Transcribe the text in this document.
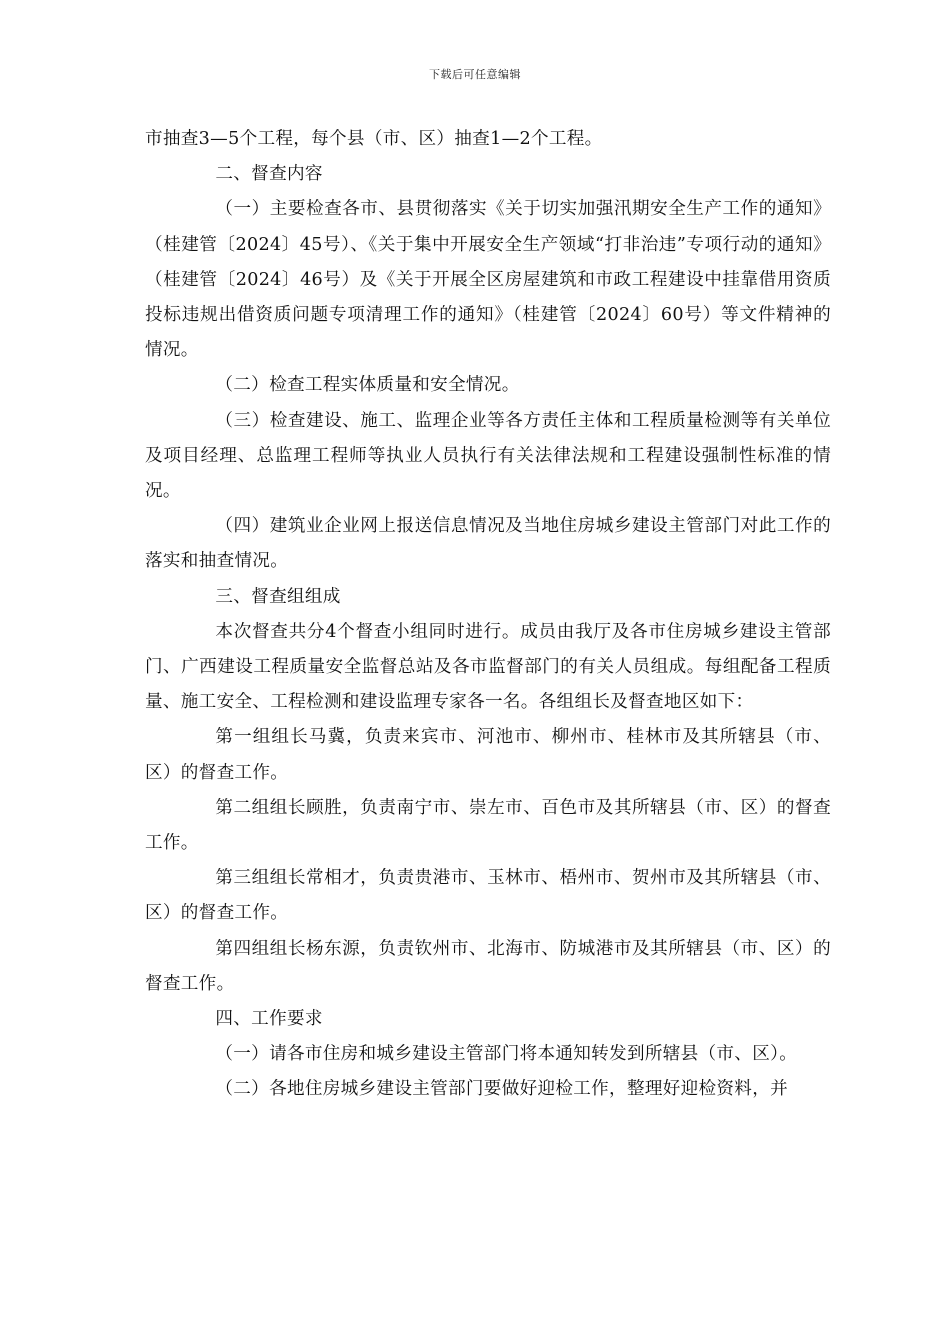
下载后可任意编辑

市抽查3—5个工程，每个县（市、区）抽查1—2个工程。

二、督查内容

（一）主要检查各市、县贯彻落实《关于切实加强汛期安全生产工作的通知》（桂建管〔2024〕45号）、《关于集中开展安全生产领域“打非治违”专项行动的通知》（桂建管〔2024〕46号）及《关于开展全区房屋建筑和市政工程建设中挂靠借用资质投标违规出借资质问题专项清理工作的通知》（桂建管〔2024〕60号）等文件精神的情况。

（二）检查工程实体质量和安全情况。

（三）检查建设、施工、监理企业等各方责任主体和工程质量检测等有关单位及项目经理、总监理工程师等执业人员执行有关法律法规和工程建设强制性标准的情况。

（四）建筑业企业网上报送信息情况及当地住房城乡建设主管部门对此工作的落实和抽查情况。

三、督查组组成

本次督查共分4个督查小组同时进行。成员由我厅及各市住房城乡建设主管部门、广西建设工程质量安全监督总站及各市监督部门的有关人员组成。每组配备工程质量、施工安全、工程检测和建设监理专家各一名。各组组长及督查地区如下：

第一组组长马冀，负责来宾市、河池市、柳州市、桂林市及其所辖县（市、区）的督查工作。

第二组组长顾胜，负责南宁市、崇左市、百色市及其所辖县（市、区）的督查工作。

第三组组长常相才，负责贵港市、玉林市、梧州市、贺州市及其所辖县（市、区）的督查工作。

第四组组长杨东源，负责钦州市、北海市、防城港市及其所辖县（市、区）的督查工作。

四、工作要求

（一）请各市住房和城乡建设主管部门将本通知转发到所辖县（市、区）。

（二）各地住房城乡建设主管部门要做好迎检工作，整理好迎检资料，并
